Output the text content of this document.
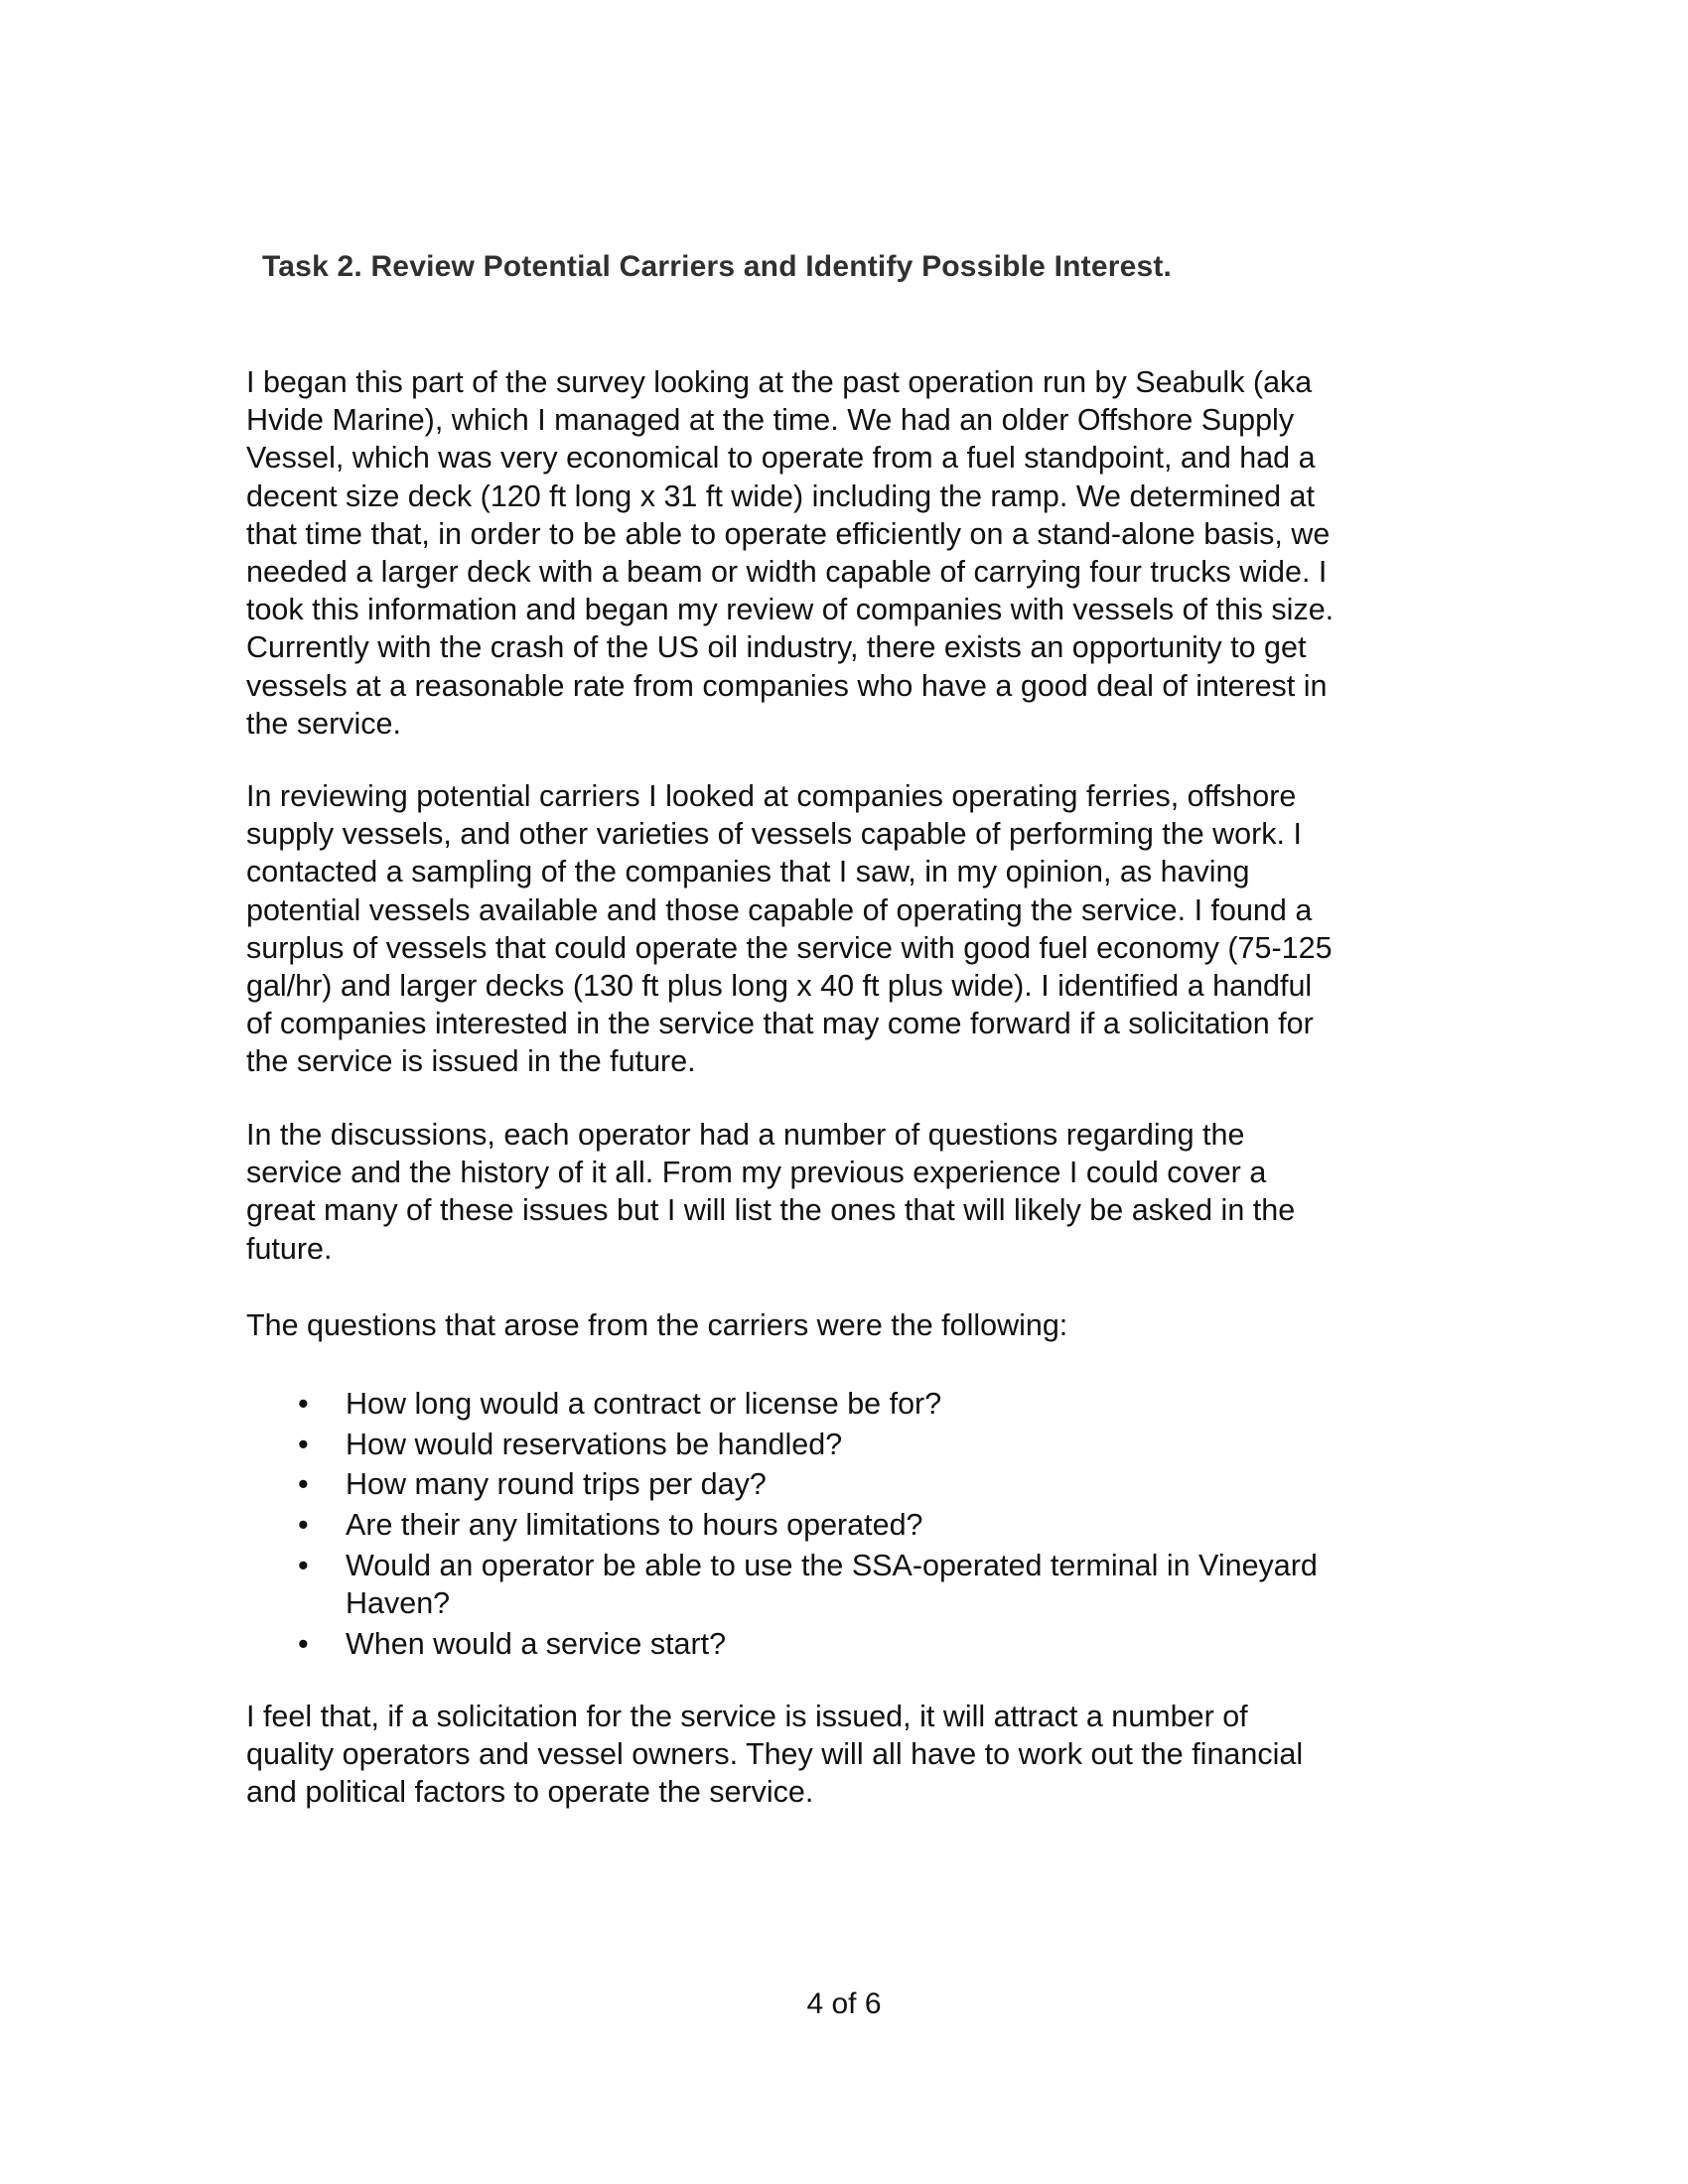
Task 2. Review Potential Carriers and Identify Possible Interest.

I began this part of the survey looking at the past operation run by Seabulk (aka
Hvide Marine), which I managed at the time. We had an older Offshore Supply
Vessel, which was very economical to operate from a fuel standpoint, and had a
decent size deck (120 ft long x 31 ft wide) including the ramp. We determined at
that time that, in order to be able to operate efficiently on a stand-alone basis, we
needed a larger deck with a beam or width capable of carrying four trucks wide. I
took this information and began my review of companies with vessels of this size.
Currently with the crash of the US oil industry, there exists an opportunity to get
vessels at a reasonable rate from companies who have a good deal of interest in
the service.

In reviewing potential carriers I looked at companies operating ferries, offshore
supply vessels, and other varieties of vessels capable of performing the work. I
contacted a sampling of the companies that I saw, in my opinion, as having
potential vessels available and those capable of operating the service. I found a
surplus of vessels that could operate the service with good fuel economy (75-125
gal/hr) and larger decks (130 ft plus long x 40 ft plus wide). I identified a handful
of companies interested in the service that may come forward if a solicitation for
the service is issued in the future.

In the discussions, each operator had a number of questions regarding the
service and the history of it all. From my previous experience I could cover a
great many of these issues but I will list the ones that will likely be asked in the
future.

The questions that arose from the carriers were the following:

• How long would a contract or license be for?
• How would reservations be handled?
• How many round trips per day?
• Are their any limitations to hours operated?
• Would an operator be able to use the SSA-operated terminal in Vineyard
Haven?
• When would a service start?

I feel that, if a solicitation for the service is issued, it will attract a number of
quality operators and vessel owners. They will all have to work out the financial
and political factors to operate the service.

4 of 6
